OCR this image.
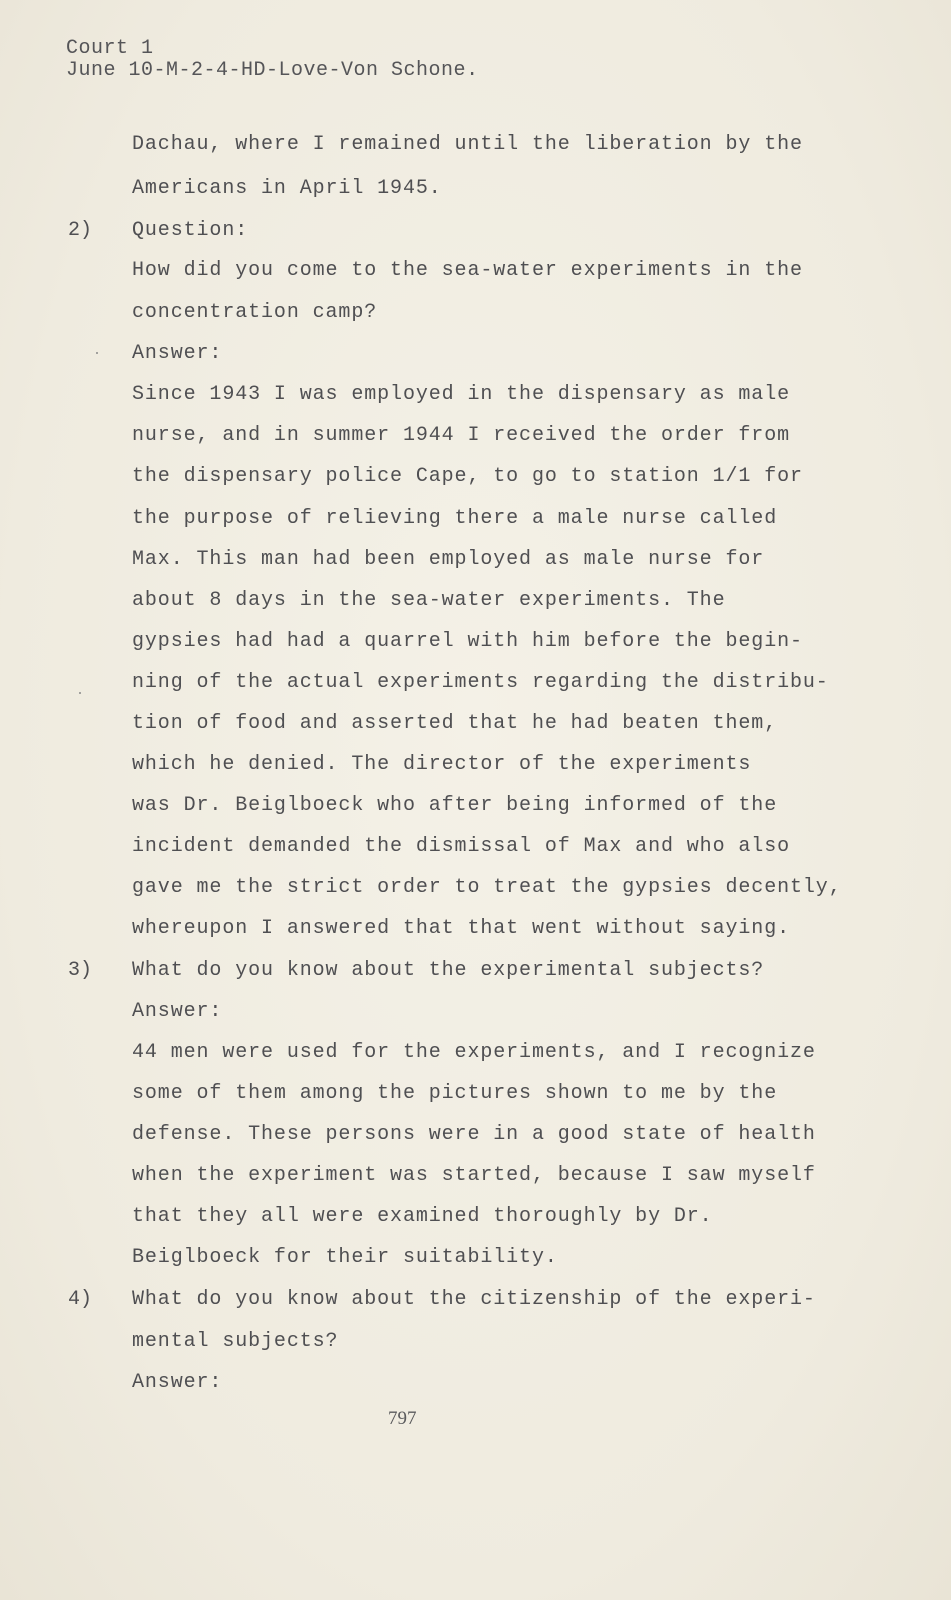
Court 1
June 10-M-2-4-HD-Love-Von Schone.
Dachau, where I remained until the liberation by the
Americans in April 1945.
2) Question:
How did you come to the sea-water experiments in the
concentration camp?
Answer:
Since 1943 I was employed in the dispensary as male
nurse, and in summer 1944 I received the order from
the dispensary police Cape, to go to station 1/1 for
the purpose of relieving there a male nurse called
Max. This man had been employed as male nurse for
about 8 days in the sea-water experiments. The
gypsies had had a quarrel with him before the begin-
ning of the actual experiments regarding the distribu-
tion of food and asserted that he had beaten them,
which he denied. The director of the experiments
was Dr. Beiglboeck who after being informed of the
incident demanded the dismissal of Max and who also
gave me the strict order to treat the gypsies decently,
whereupon I answered that that went without saying.
3) What do you know about the experimental subjects?
Answer:
44 men were used for the experiments, and I recognize
some of them among the pictures shown to me by the
defense. These persons were in a good state of health
when the experiment was started, because I saw myself
that they all were examined thoroughly by Dr.
Beiglboeck for their suitability.
4) What do you know about the citizenship of the experi-
mental subjects?
Answer:
797
